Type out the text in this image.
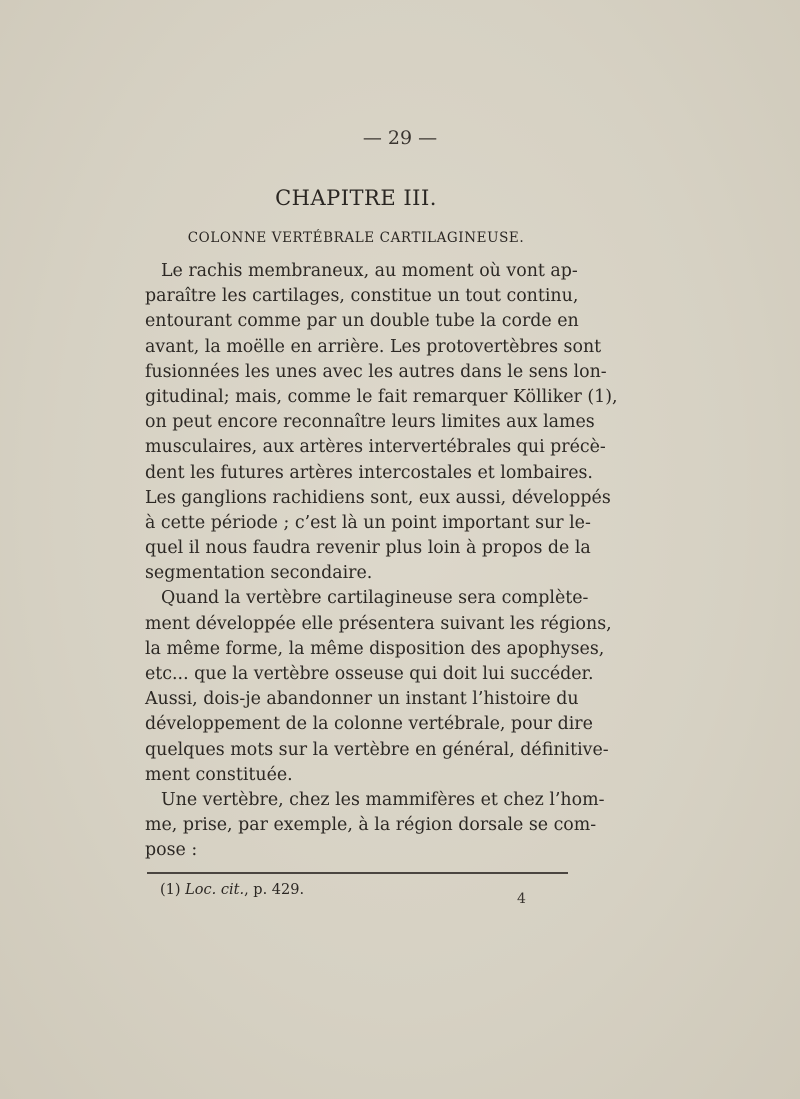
— 29 —
CHAPITRE III.
COLONNE VERTÉBRALE CARTILAGINEUSE.
Le rachis membraneux, au moment où vont ap-
paraître les cartilages, constitue un tout continu,
entourant comme par un double tube la corde en
avant, la moëlle en arrière. Les protovertèbres sont
fusionnées les unes avec les autres dans le sens lon-
gitudinal; mais, comme le fait remarquer Kölliker (1),
on peut encore reconnaître leurs limites aux lames
musculaires, aux artères intervertébrales qui précè-
dent les futures artères intercostales et lombaires.
Les ganglions rachidiens sont, eux aussi, développés
à cette période ; c’est là un point important sur le-
quel il nous faudra revenir plus loin à propos de la
segmentation secondaire.
Quand la vertèbre cartilagineuse sera complète-
ment développée elle présentera suivant les régions,
la même forme, la même disposition des apophyses,
etc... que la vertèbre osseuse qui doit lui succéder.
Aussi, dois-je abandonner un instant l’histoire du
développement de la colonne vertébrale, pour dire
quelques mots sur la vertèbre en général, définitive-
ment constituée.
Une vertèbre, chez les mammifères et chez l’hom-
me, prise, par exemple, à la région dorsale se com-
pose :
(1) Loc. cit., p. 429.
4
